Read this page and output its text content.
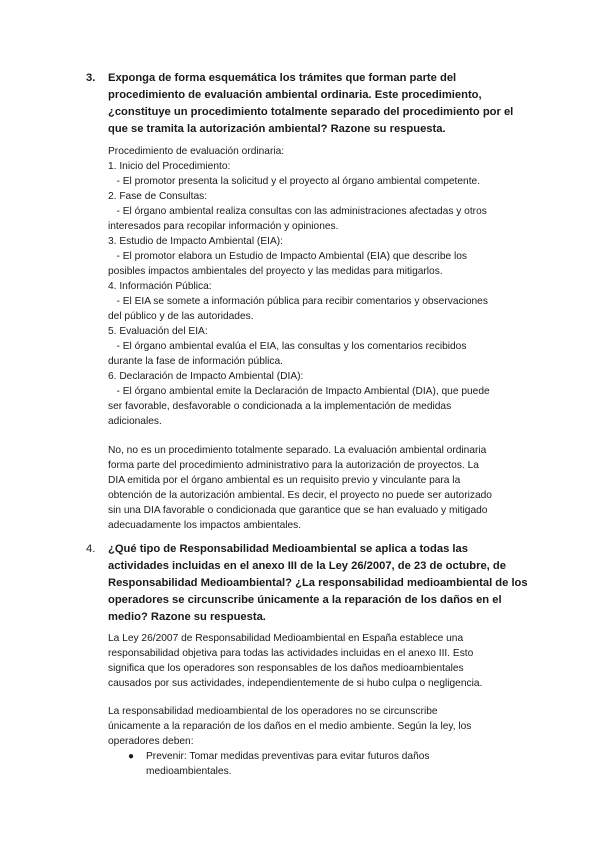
3. Exponga de forma esquemática los trámites que forman parte del

procedimiento de evaluación ambiental ordinaria. Este procedimiento,

¿constituye un procedimiento totalmente separado del procedimiento por el

que se tramita la autorización ambiental? Razone su respuesta.

Procedimiento de evaluación ordinaria:

1. Inicio del Procedimiento:

- El promotor presenta la solicitud y el proyecto al órgano ambiental competente.

2. Fase de Consultas:

- El órgano ambiental realiza consultas con las administraciones afectadas y otros

interesados para recopilar información y opiniones.

3. Estudio de Impacto Ambiental (EIA):

- El promotor elabora un Estudio de Impacto Ambiental (EIA) que describe los

posibles impactos ambientales del proyecto y las medidas para mitigarlos.

4. Información Pública:

- El EIA se somete a información pública para recibir comentarios y observaciones

del público y de las autoridades.

5. Evaluación del EIA:

- El órgano ambiental evalúa el EIA, las consultas y los comentarios recibidos

durante la fase de información pública.

6. Declaración de Impacto Ambiental (DIA):

- El órgano ambiental emite la Declaración de Impacto Ambiental (DIA), que puede

ser favorable, desfavorable o condicionada a la implementación de medidas

adicionales.

No, no es un procedimiento totalmente separado. La evaluación ambiental ordinaria

forma parte del procedimiento administrativo para la autorización de proyectos. La

DIA emitida por el órgano ambiental es un requisito previo y vinculante para la

obtención de la autorización ambiental. Es decir, el proyecto no puede ser autorizado

sin una DIA favorable o condicionada que garantice que se han evaluado y mitigado

adecuadamente los impactos ambientales.

4. ¿Qué tipo de Responsabilidad Medioambiental se aplica a todas las

actividades incluidas en el anexo III de la Ley 26/2007, de 23 de octubre, de

Responsabilidad Medioambiental? ¿La responsabilidad medioambiental de los

operadores se circunscribe únicamente a la reparación de los daños en el

medio? Razone su respuesta.

La Ley 26/2007 de Responsabilidad Medioambiental en España establece una

responsabilidad objetiva para todas las actividades incluidas en el anexo III. Esto

significa que los operadores son responsables de los daños medioambientales

causados por sus actividades, independientemente de si hubo culpa o negligencia.

La responsabilidad medioambiental de los operadores no se circunscribe

únicamente a la reparación de los daños en el medio ambiente. Según la ley, los

operadores deben:

● Prevenir: Tomar medidas preventivas para evitar futuros daños

medioambientales.
